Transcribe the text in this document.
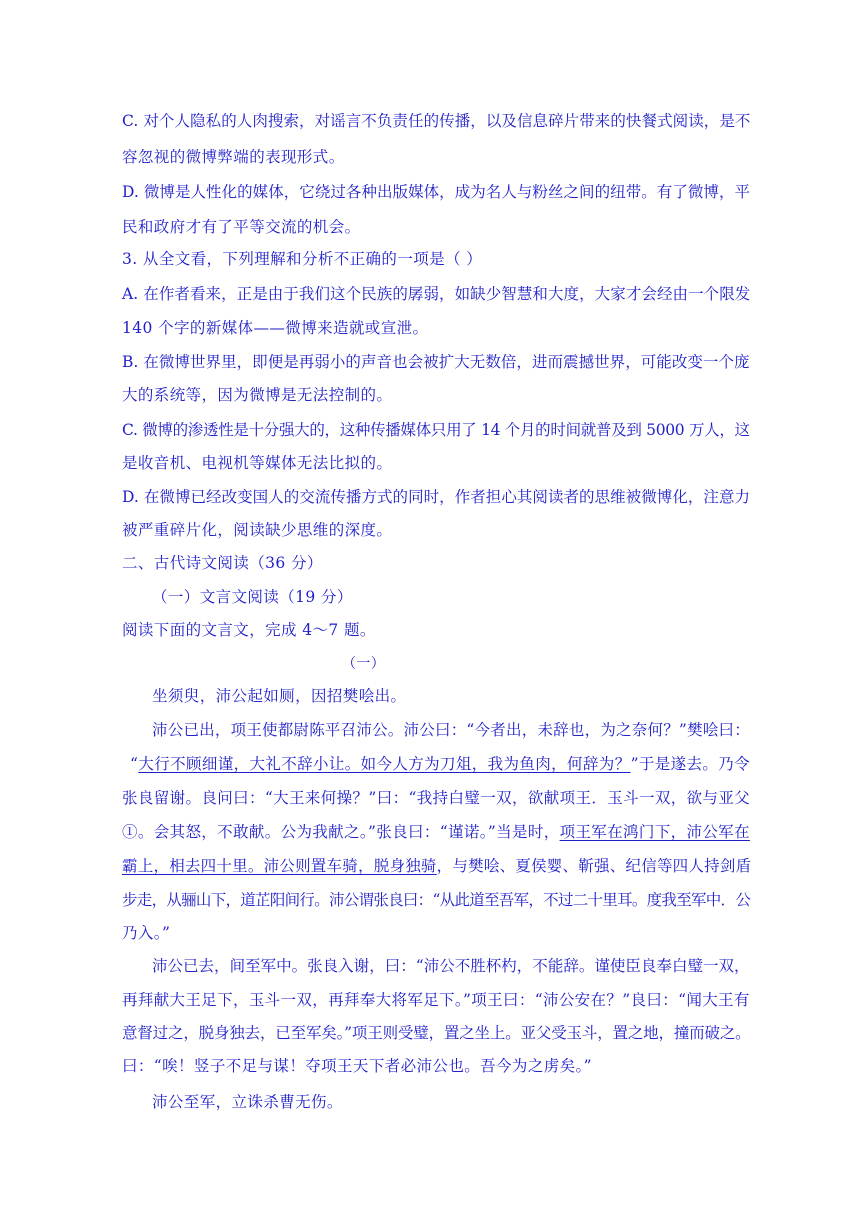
C. 对个人隐私的人肉搜索，对谣言不负责任的传播，以及信息碎片带来的快餐式阅读，是不
容忽视的微博弊端的表现形式。
D. 微博是人性化的媒体，它绕过各种出版媒体，成为名人与粉丝之间的纽带。有了微博，平
民和政府才有了平等交流的机会。
3. 从全文看，下列理解和分析不正确的一项是（ ）
A. 在作者看来，正是由于我们这个民族的孱弱，如缺少智慧和大度，大家才会经由一个限发
140 个字的新媒体——微博来造就或宣泄。
B. 在微博世界里，即便是再弱小的声音也会被扩大无数倍，进而震撼世界，可能改变一个庞
大的系统等，因为微博是无法控制的。
C. 微博的渗透性是十分强大的，这种传播媒体只用了 14 个月的时间就普及到 5000 万人，这
是收音机、电视机等媒体无法比拟的。
D. 在微博已经改变国人的交流传播方式的同时，作者担心其阅读者的思维被微博化，注意力
被严重碎片化，阅读缺少思维的深度。
二、古代诗文阅读（36 分）
（一）文言文阅读（19 分）
阅读下面的文言文，完成 4～7 题。
（一）
坐须臾，沛公起如厕，因招樊哙出。
沛公已出，项王使都尉陈平召沛公。沛公曰：“今者出，未辞也，为之奈何？”樊哙曰：
“大行不顾细谨，大礼不辞小让。如今人方为刀俎，我为鱼肉，何辞为？”于是遂去。乃令
张良留谢。良问曰：“大王来何操？”曰：“我持白璧一双，欲献项王．玉斗一双，欲与亚父
①。会其怒，不敢献。公为我献之。”张良曰：“谨诺。”当是时，项王军在鸿门下，沛公军在
霸上，相去四十里。沛公则置车骑，脱身独骑，与樊哙、夏侯婴、靳强、纪信等四人持剑盾
步走，从骊山下，道芷阳间行。沛公谓张良曰：“从此道至吾军，不过二十里耳。度我至军中．公
乃入。”
沛公已去，间至军中。张良入谢，曰：“沛公不胜杯杓，不能辞。谨使臣良奉白璧一双，
再拜献大王足下，玉斗一双，再拜奉大将军足下。”项王曰：“沛公安在？”良曰：“闻大王有
意督过之，脱身独去，已至军矣。”项王则受璧，置之坐上。亚父受玉斗，置之地，撞而破之。
曰：“唉！竖子不足与谋！夺项王天下者必沛公也。吾今为之虏矣。”
沛公至军，立诛杀曹无伤。
